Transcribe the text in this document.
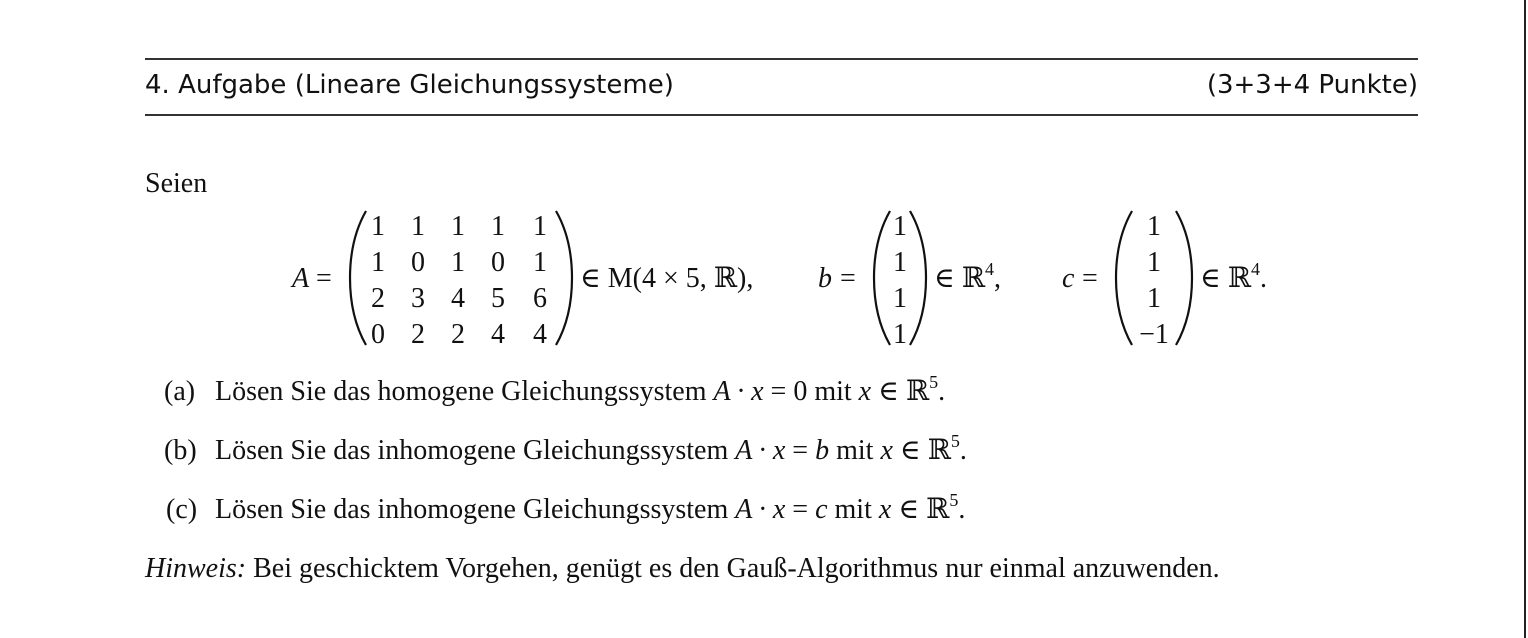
4. Aufgabe (Lineare Gleichungssysteme)	(3+3+4 Punkte)
Seien
A =
1 1 1 1	1
1 0 1 0	1
2 3 4 5	6
0 2 2 4	4
∈ M(4 × 5, ℝ), b =
1
1
1
1
∈ ℝ$^4$, c =
1
1
1
−1
∈ ℝ$^4$.
(a) Lösen Sie das homogene Gleichungssystem A · x = 0 mit x ∈ ℝ$^5$.
(b) Lösen Sie das inhomogene Gleichungssystem A · x = b mit x ∈ ℝ$^5$.
(c) Lösen Sie das inhomogene Gleichungssystem A · x = c mit x ∈ ℝ$^5$.
Hinweis: Bei geschicktem Vorgehen, genügt es den Gauß-Algorithmus nur einmal anzuwenden.
